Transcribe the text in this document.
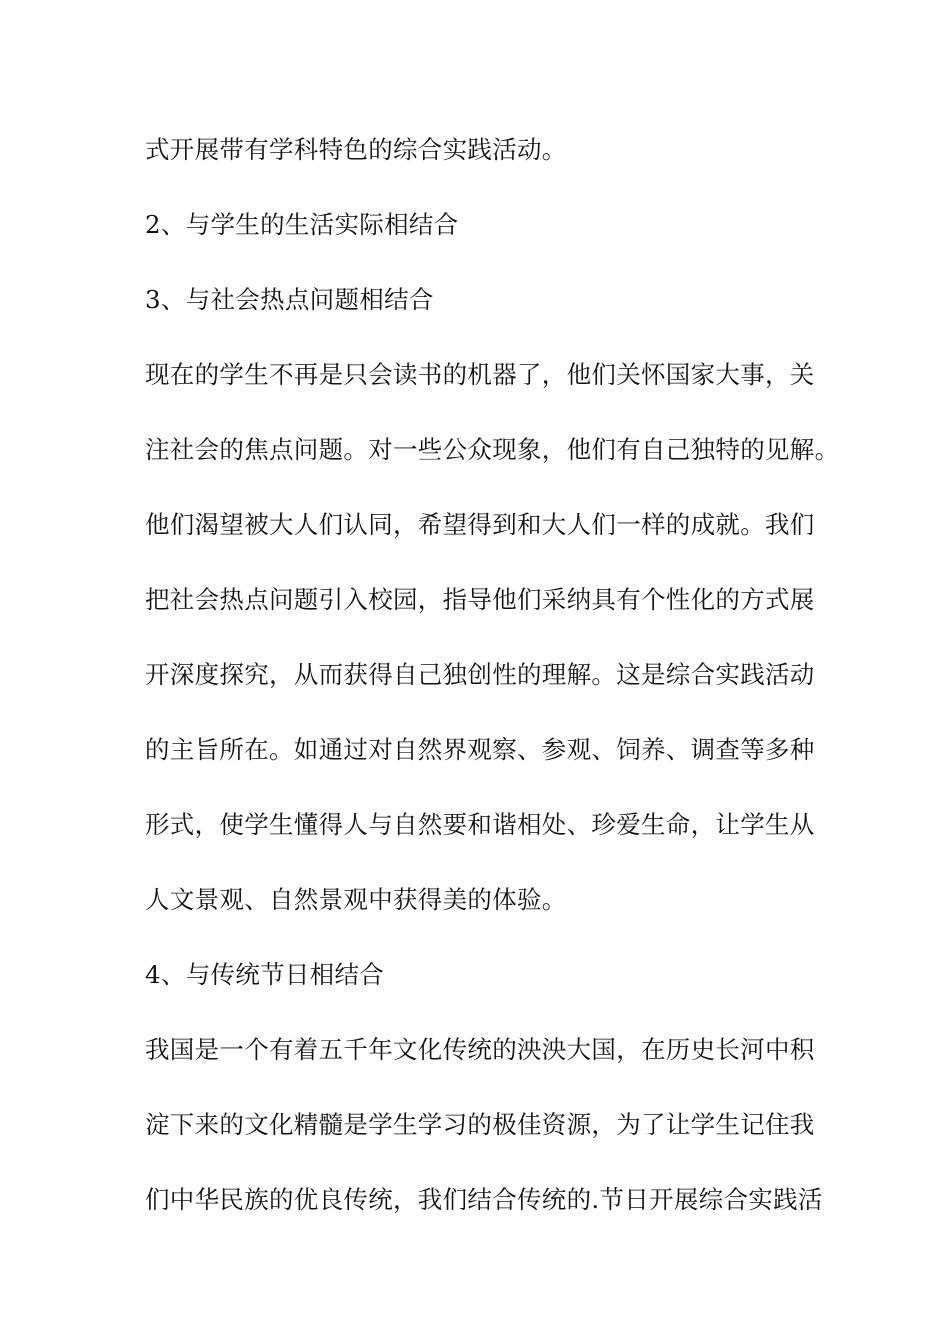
式开展带有学科特色的综合实践活动。
2、与学生的生活实际相结合
3、与社会热点问题相结合
现在的学生不再是只会读书的机器了，他们关怀国家大事，关
注社会的焦点问题。对一些公众现象，他们有自己独特的见解。
他们渴望被大人们认同，希望得到和大人们一样的成就。我们
把社会热点问题引入校园，指导他们采纳具有个性化的方式展
开深度探究，从而获得自己独创性的理解。这是综合实践活动
的主旨所在。如通过对自然界观察、参观、饲养、调查等多种
形式，使学生懂得人与自然要和谐相处、珍爱生命，让学生从
人文景观、自然景观中获得美的体验。
4、与传统节日相结合
我国是一个有着五千年文化传统的泱泱大国，在历史长河中积
淀下来的文化精髓是学生学习的极佳资源，为了让学生记住我
们中华民族的优良传统，我们结合传统的.节日开展综合实践活
